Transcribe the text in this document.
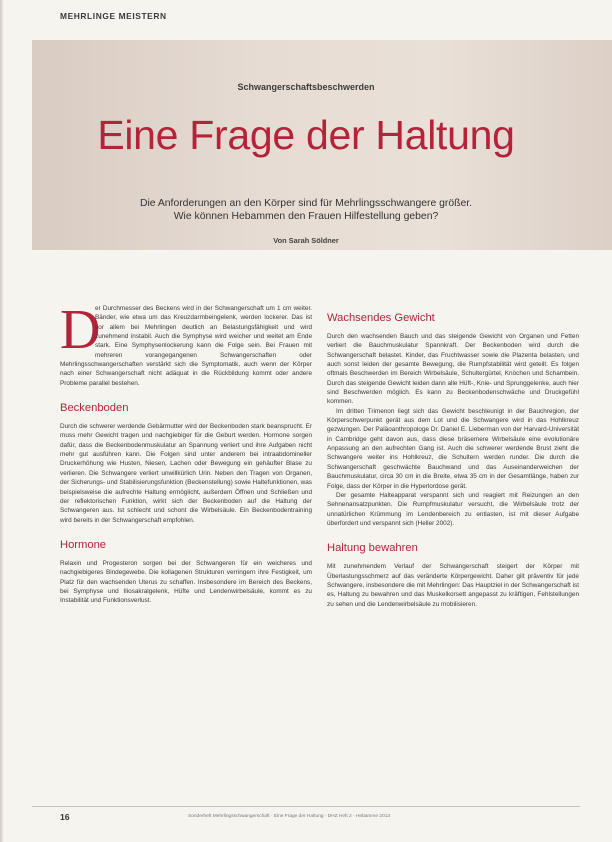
MEHRLINGE MEISTERN
Schwangerschaftsbeschwerden
Eine Frage der Haltung
Die Anforderungen an den Körper sind für Mehrlingsschwangere größer.
Wie können Hebammen den Frauen Hilfestellung geben?
Von Sarah Söldner
D

er Durchmesser des Beckens wird in der Schwangerschaft um 1 cm weiter. Bänder, wie etwa um das Kreuzdarmbeingelenk, werden lockerer. Das ist vor allem bei Mehrlingen deutlich an Belastungsfähigkeit und wird zunehmend instabil. Auch die Symphyse wird weicher und weitet am Ende stark. Eine Symphysenlockerung kann die Folge sein. Bei Frauen mit mehreren vorangegangenen Schwangerschaften oder Mehrlingsschwangerschaften verstärkt sich die Symptomatik, auch wenn der Körper nach einer Schwangerschaft nicht adäquat in die Rückbildung kommt oder andere Probleme parallel bestehen.

Beckenboden

Durch die schwerer werdende Gebärmutter wird der Beckenboden stark beansprucht. Er muss mehr Gewicht tragen und nachgiebiger für die Geburt werden. Hormone sorgen dafür, dass die Beckenbodenmuskulatur an Spannung verliert und ihre Aufgaben nicht mehr gut ausführen kann. Die Folgen sind unter anderem bei intraabdomineller Druckerhöhung wie Husten, Niesen, Lachen oder Bewegung ein gehäufter Blase zu verlieren. Die Schwangere verliert unwillkürlich Urin. Neben den Tragen von Organen, der Sicherungs- und Stabilisierungsfunktion (Beckenstellung) sowie Haltefunktionen, was beispielsweise die aufrechte Haltung ermöglicht, außerdem Öffnen und Schließen und der reflektorischen Funktion, wirkt sich der Beckenboden auf die Haltung der Schwangeren aus. Ist schlecht und schont die Wirbelsäule. Ein Beckenbodentraining wird bereits in der Schwangerschaft empfohlen.

Hormone

Relaxin und Progesteron sorgen bei der Schwangeren für ein weicheres und nachgiebigeres Bindegewebe. Die kollagenen Strukturen verringern ihre Festigkeit, um Platz für den wachsenden Uterus zu schaffen. Insbesondere im Bereich des Beckens, bei Symphyse und Iliosakralgelenk, Hüfte und Lendenwirbelsäule, kommt es zu Instabilität und Funktionsverlust.

Wachsendes Gewicht

Durch den wachsenden Bauch und das steigende Gewicht von Organen und Fetten verliert die Bauchmuskulatur Spannkraft. Der Beckenboden wird durch die Schwangerschaft belastet. Kinder, das Fruchtwasser sowie die Plazenta belasten, und auch sonst leiden der gesamte Bewegung, die Rumpfstabilität wird geteilt. Es folgen oftmals Beschwerden im Bereich Wirbelsäule, Schultergürtel, Knöchen und Schambein. Durch das steigende Gewicht leiden dann alle Hüft-, Knie- und Sprunggelenke, auch hier sind Beschwerden möglich. Es kann zu Beckenbodenschwäche und Druckgefühl kommen.

Im dritten Trimenon liegt sich das Gewicht beschleunigt in der Bauchregion, der Körperschwerpunkt gerät aus dem Lot und die Schwangere wird in das Hohlkreuz gezwungen. Der Paläoanthropologe Dr. Daniel E. Lieberman von der Harvard-Universität in Cambridge geht davon aus, dass diese bräsemere Wirbelsäule eine evolutionäre Anpassung an den aufrechten Gang ist. Auch die schwerer werdende Brust zieht die Schwangere weiter ins Hohlkreuz, die Schultern werden runder. Die durch die Schwangerschaft geschwächte Bauchwand und das Auseinanderweichen der Bauchmuskulatur, circa 30 cm in die Breite, etwa 35 cm in der Gesamtlänge, haben zur Folge, dass der Körper in die Hyperlordose gerät.

Der gesamte Halteapparat verspannt sich und reagiert mit Reizungen an den Sehnenansatzpunkten. Die Rumpfmuskulatur versucht, die Wirbelsäule trotz der unnatürlichen Krümmung im Lendenbereich zu entlasten, ist mit dieser Aufgabe überfordert und verspannt sich (Heller 2002).

Haltung bewahren

Mit zunehmendem Verlauf der Schwangerschaft steigert der Körper mit Überlastungsschmerz auf das veränderte Körpergewicht. Daher gilt präventiv für jede Schwangere, insbesondere die mit Mehrlingen: Das Hauptziel in der Schwangerschaft ist es, Haltung zu bewahren und das Muskelkorsett angepasst zu kräftigen, Fehlstellungen zu sehen und die Lendenwirbelsäule zu mobilisieren.

16	Sonderheft Mehrlingsschwangerschaft · Eine Frage der Haltung · DHZ Heft 2 · Hebamme 2013
